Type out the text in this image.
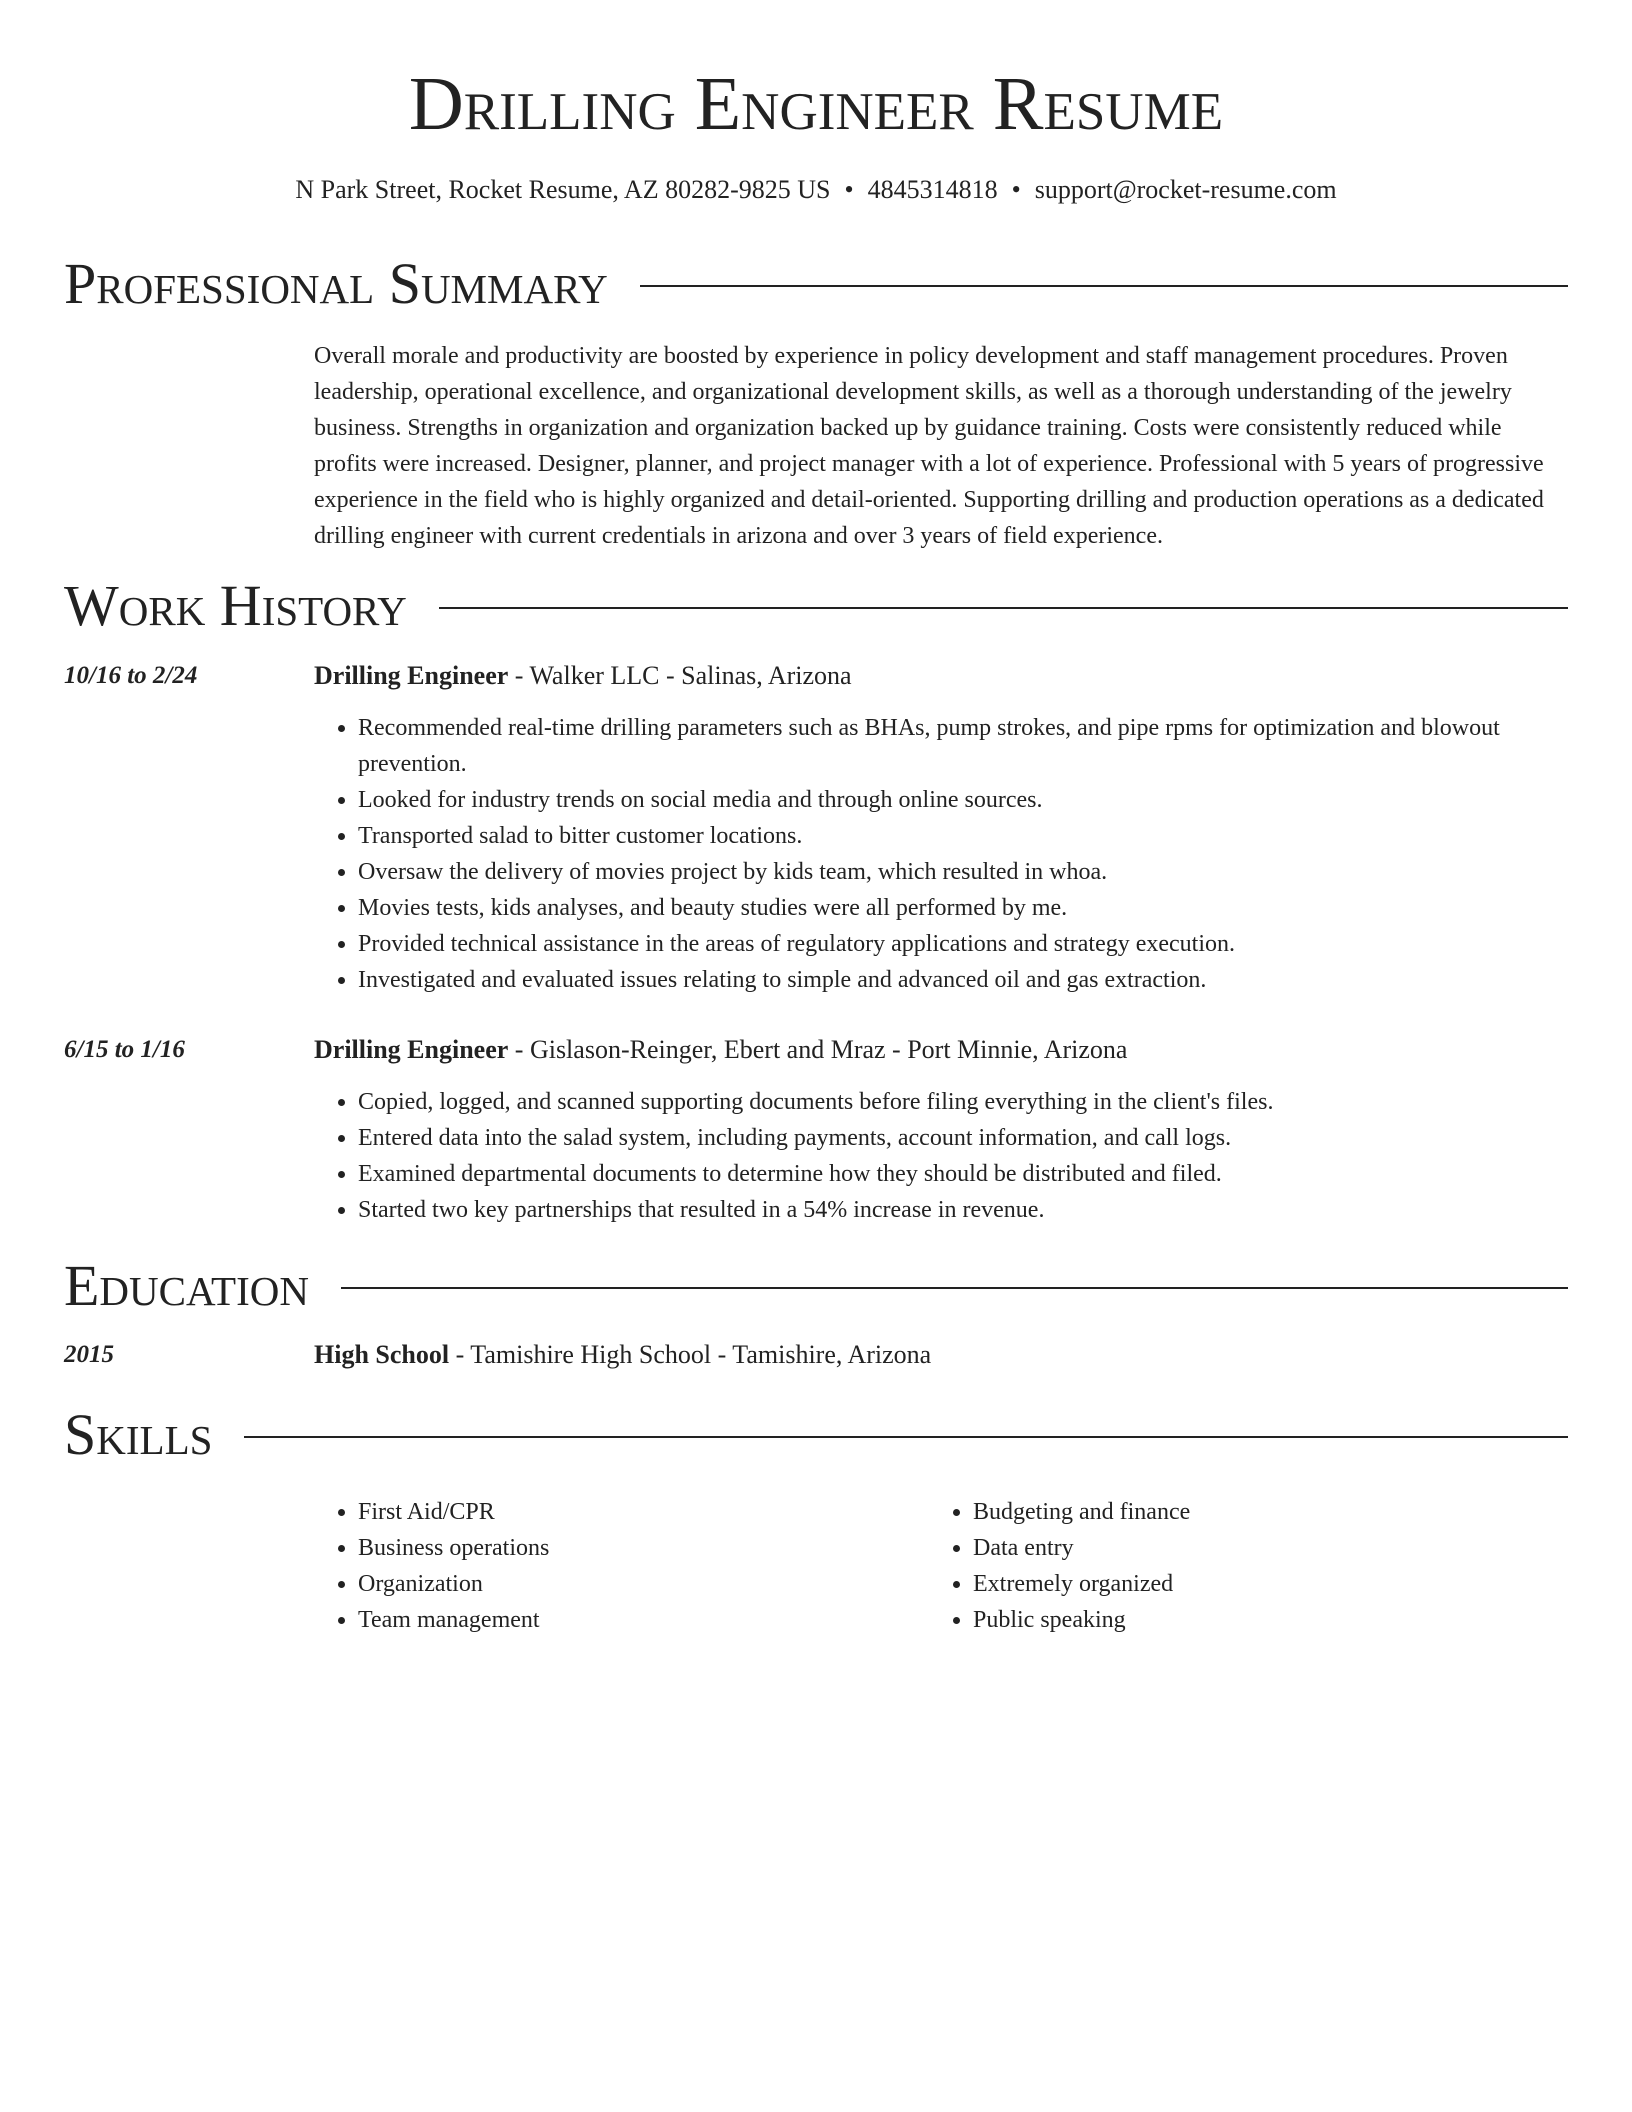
Drilling Engineer Resume

N Park Street, Rocket Resume, AZ 80282-9825 US • 4845314818 • support@rocket-resume.com

Professional Summary

Overall morale and productivity are boosted by experience in policy development and staff management procedures. Proven leadership, operational excellence, and organizational development skills, as well as a thorough understanding of the jewelry business. Strengths in organization and organization backed up by guidance training. Costs were consistently reduced while profits were increased. Designer, planner, and project manager with a lot of experience. Professional with 5 years of progressive experience in the field who is highly organized and detail-oriented. Supporting drilling and production operations as a dedicated drilling engineer with current credentials in arizona and over 3 years of field experience.

Work History
10/16 to 2/24	Drilling Engineer - Walker LLC - Salinas, Arizona
• Recommended real-time drilling parameters such as BHAs, pump strokes, and pipe rpms for optimization and blowout prevention.
• Looked for industry trends on social media and through online sources.
• Transported salad to bitter customer locations.
• Oversaw the delivery of movies project by kids team, which resulted in whoa.
• Movies tests, kids analyses, and beauty studies were all performed by me.
• Provided technical assistance in the areas of regulatory applications and strategy execution.
• Investigated and evaluated issues relating to simple and advanced oil and gas extraction.
6/15 to 1/16	Drilling Engineer - Gislason-Reinger, Ebert and Mraz - Port Minnie, Arizona
• Copied, logged, and scanned supporting documents before filing everything in the client's files.
• Entered data into the salad system, including payments, account information, and call logs.
• Examined departmental documents to determine how they should be distributed and filed.
• Started two key partnerships that resulted in a 54% increase in revenue.
Education
2015	High School - Tamishire High School - Tamishire, Arizona
Skills
• First Aid/CPR
• Business operations
• Organization
• Team management
• Budgeting and finance
• Data entry
• Extremely organized
• Public speaking
